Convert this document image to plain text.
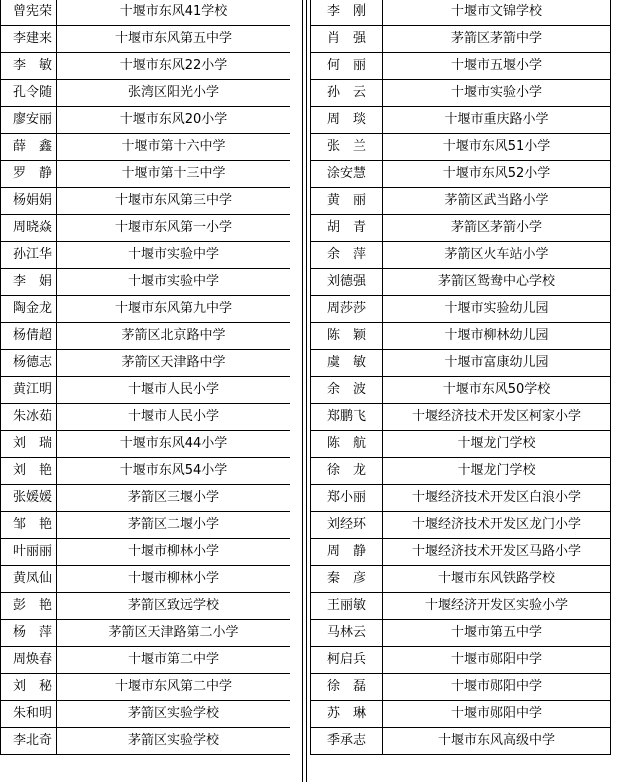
曾宪荣	十堰市东风41学校
李建来	十堰市东风第五中学
李　敏	十堰市东风22小学
孔令随	张湾区阳光小学
廖安丽	十堰市东风20小学
薛　鑫	十堰市第十六中学
罗　静	十堰市第十三中学
杨娟娟	十堰市东风第三中学
周晓焱	十堰市东风第一小学
孙江华	十堰市实验中学
李　娟	十堰市实验中学
陶金龙	十堰市东风第九中学
杨倩超	茅箭区北京路中学
杨德志	茅箭区天津路中学
黄江明	十堰市人民小学
朱冰茹	十堰市人民小学
刘　瑞	十堰市东风44小学
刘　艳	十堰市东风54小学
张媛媛	茅箭区三堰小学
邹　艳	茅箭区二堰小学
叶丽丽	十堰市柳林小学
黄凤仙	十堰市柳林小学
彭　艳	茅箭区致远学校
杨　萍	茅箭区天津路第二小学
周焕春	十堰市第二中学
刘　秘	十堰市东风第二中学
朱和明	茅箭区实验学校
李北奇	茅箭区实验学校
李　刚	十堰市文锦学校
肖　强	茅箭区茅箭中学
何　丽	十堰市五堰小学
孙　云	十堰市实验小学
周　琰	十堰市重庆路小学
张　兰	十堰市东风51小学
涂安慧	十堰市东风52小学
黄　丽	茅箭区武当路小学
胡　青	茅箭区茅箭小学
余　萍	茅箭区火车站小学
刘德强	茅箭区鸳鸯中心学校
周莎莎	十堰市实验幼儿园
陈　颖	十堰市柳林幼儿园
虞　敏	十堰市富康幼儿园
余　波	十堰市东风50学校
郑鹏飞	十堰经济技术开发区柯家小学
陈　航	十堰龙门学校
徐　龙	十堰龙门学校
郑小丽	十堰经济技术开发区白浪小学
刘经环	十堰经济技术开发区龙门小学
周　静	十堰经济技术开发区马路小学
秦　彦	十堰市东风铁路学校
王丽敏	十堰经济开发区实验小学
马林云	十堰市第五中学
柯启兵	十堰市郧阳中学
徐　磊	十堰市郧阳中学
苏　琳	十堰市郧阳中学
季承志	十堰市东风高级中学
